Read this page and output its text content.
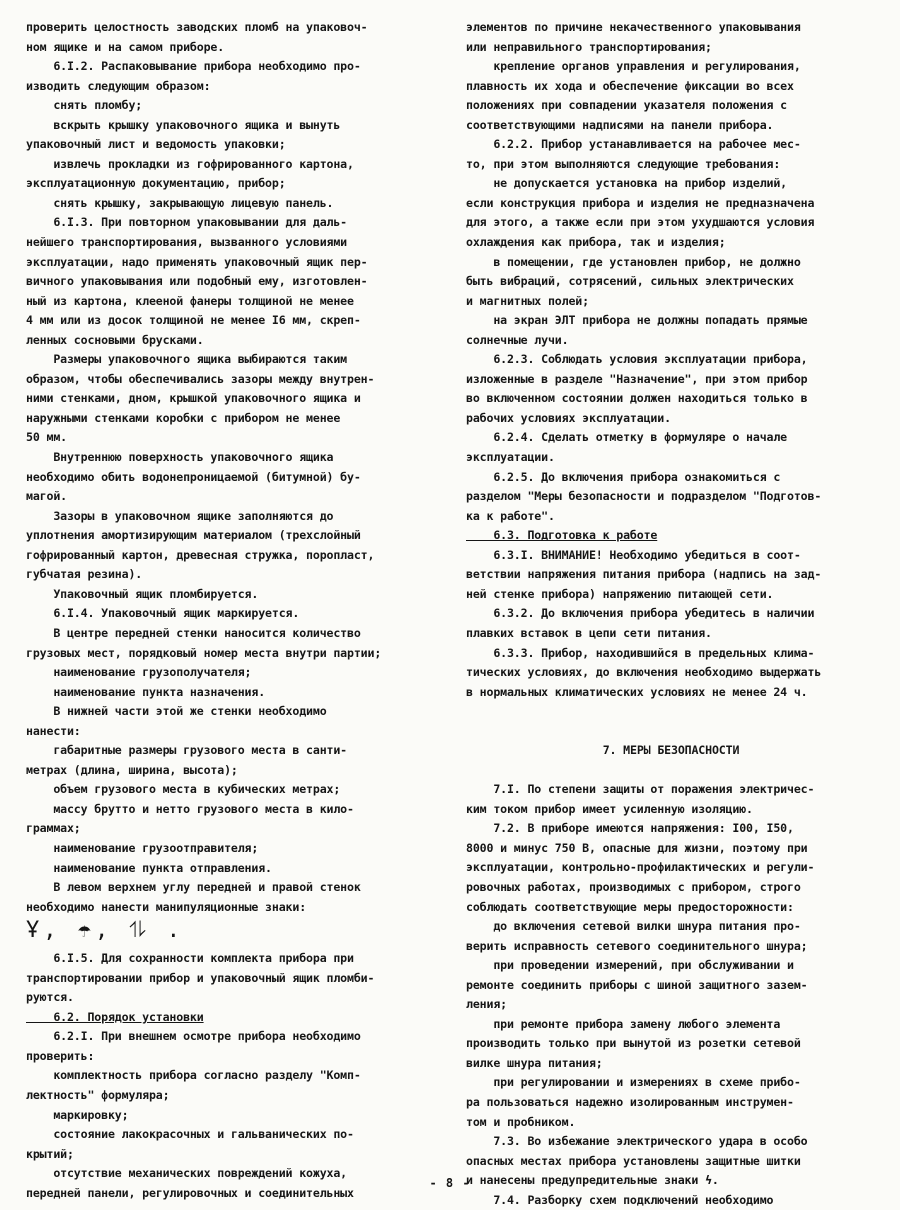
проверить целостность заводских пломб на упаковоч-
ном ящике и на самом приборе.
6.I.2. Распаковывание прибора необходимо про-
изводить следующим образом:
снять пломбу;
вскрыть крышку упаковочного ящика и вынуть
упаковочный лист и ведомость упаковки;
извлечь прокладки из гофрированного картона,
эксплуатационную документацию, прибор;
снять крышку, закрывающую лицевую панель.
6.I.3. При повторном упаковывании для даль-
нейшего транспортирования, вызванного условиями
эксплуатации, надо применять упаковочный ящик пер-
вичного упаковывания или подобный ему, изготовлен-
ный из картона, клееной фанеры толщиной не менее
4 мм или из досок толщиной не менее I6 мм, скреп-
ленных сосновыми брусками.
Размеры упаковочного ящика выбираются таким
образом, чтобы обеспечивались зазоры между внутрен-
ними стенками, дном, крышкой упаковочного ящика и
наружными стенками коробки с прибором не менее
50 мм.
Внутреннюю поверхность упаковочного ящика
необходимо обить водонепроницаемой (битумной) бу-
магой.
Зазоры в упаковочном ящике заполняются до
уплотнения амортизирующим материалом (трехслойный
гофрированный картон, древесная стружка, поропласт,
губчатая резина).
Упаковочный ящик пломбируется.
6.I.4. Упаковочный ящик маркируется.
В центре передней стенки наносится количество
грузовых мест, порядковый номер места внутри партии;
наименование грузополучателя;
наименование пункта назначения.
В нижней части этой же стенки необходимо
нанести:
габаритные размеры грузового места в санти-
метрах (длина, ширина, высота);
объем грузового места в кубических метрах;
массу брутто и нетто грузового места в кило-
граммах;
наименование грузоотправителя;
наименование пункта отправления.
В левом верхнем углу передней и правой стенок
необходимо нанести манипуляционные знаки:
Ұ, ☂, ⥮ .
6.I.5. Для сохранности комплекта прибора при
транспортировании прибор и упаковочный ящик пломби-
руются.
6.2. Порядок установки
6.2.I. При внешнем осмотре прибора необходимо
проверить:
комплектность прибора согласно разделу "Комп-
лектность" формуляра;
маркировку;
состояние лакокрасочных и гальванических по-
крытий;
отсутствие механических повреждений кожуха,
передней панели, регулировочных и соединительных
элементов по причине некачественного упаковывания
или неправильного транспортирования;
крепление органов управления и регулирования,
плавность их хода и обеспечение фиксации во всех
положениях при совпадении указателя положения с
соответствующими надписями на панели прибора.
6.2.2. Прибор устанавливается на рабочее мес-
то, при этом выполняются следующие требования:
не допускается установка на прибор изделий,
если конструкция прибора и изделия не предназначена
для этого, а также если при этом ухудшаются условия
охлаждения как прибора, так и изделия;
в помещении, где установлен прибор, не должно
быть вибраций, сотрясений, сильных электрических
и магнитных полей;
на экран ЭЛТ прибора не должны попадать прямые
солнечные лучи.
6.2.3. Соблюдать условия эксплуатации прибора,
изложенные в разделе "Назначение", при этом прибор
во включенном состоянии должен находиться только в
рабочих условиях эксплуатации.
6.2.4. Сделать отметку в формуляре о начале
эксплуатации.
6.2.5. До включения прибора ознакомиться с
разделом "Меры безопасности и подразделом "Подготов-
ка к работе".
6.3. Подготовка к работе
6.3.I. ВНИМАНИЕ! Необходимо убедиться в соот-
ветствии напряжения питания прибора (надпись на зад-
ней стенке прибора) напряжению питающей сети.
6.3.2. До включения прибора убедитесь в наличии
плавких вставок в цепи сети питания.
6.3.3. Прибор, находившийся в предельных клима-
тических условиях, до включения необходимо выдержать
в нормальных климатических условиях не менее 24 ч.
7. МЕРЫ БЕЗОПАСНОСТИ
7.I. По степени защиты от поражения электричес-
ким током прибор имеет усиленную изоляцию.
7.2. В приборе имеются напряжения: I00, I50,
8000 и минус 750 В, опасные для жизни, поэтому при
эксплуатации, контрольно-профилактических и регули-
ровочных работах, производимых с прибором, строго
соблюдать соответствующие меры предосторожности:
до включения сетевой вилки шнура питания про-
верить исправность сетевого соединительного шнура;
при проведении измерений, при обслуживании и
ремонте соединить приборы с шиной защитного зазем-
ления;
при ремонте прибора замену любого элемента
производить только при вынутой из розетки сетевой
вилке шнура питания;
при регулировании и измерениях в схеме прибо-
ра пользоваться надежно изолированным инструмен-
том и пробником.
7.3. Во избежание электрического удара в особо
опасных местах прибора установлены защитные шитки
и нанесены предупредительные знаки ϟ.
7.4. Разборку схем подключений необходимо
- 8 -
